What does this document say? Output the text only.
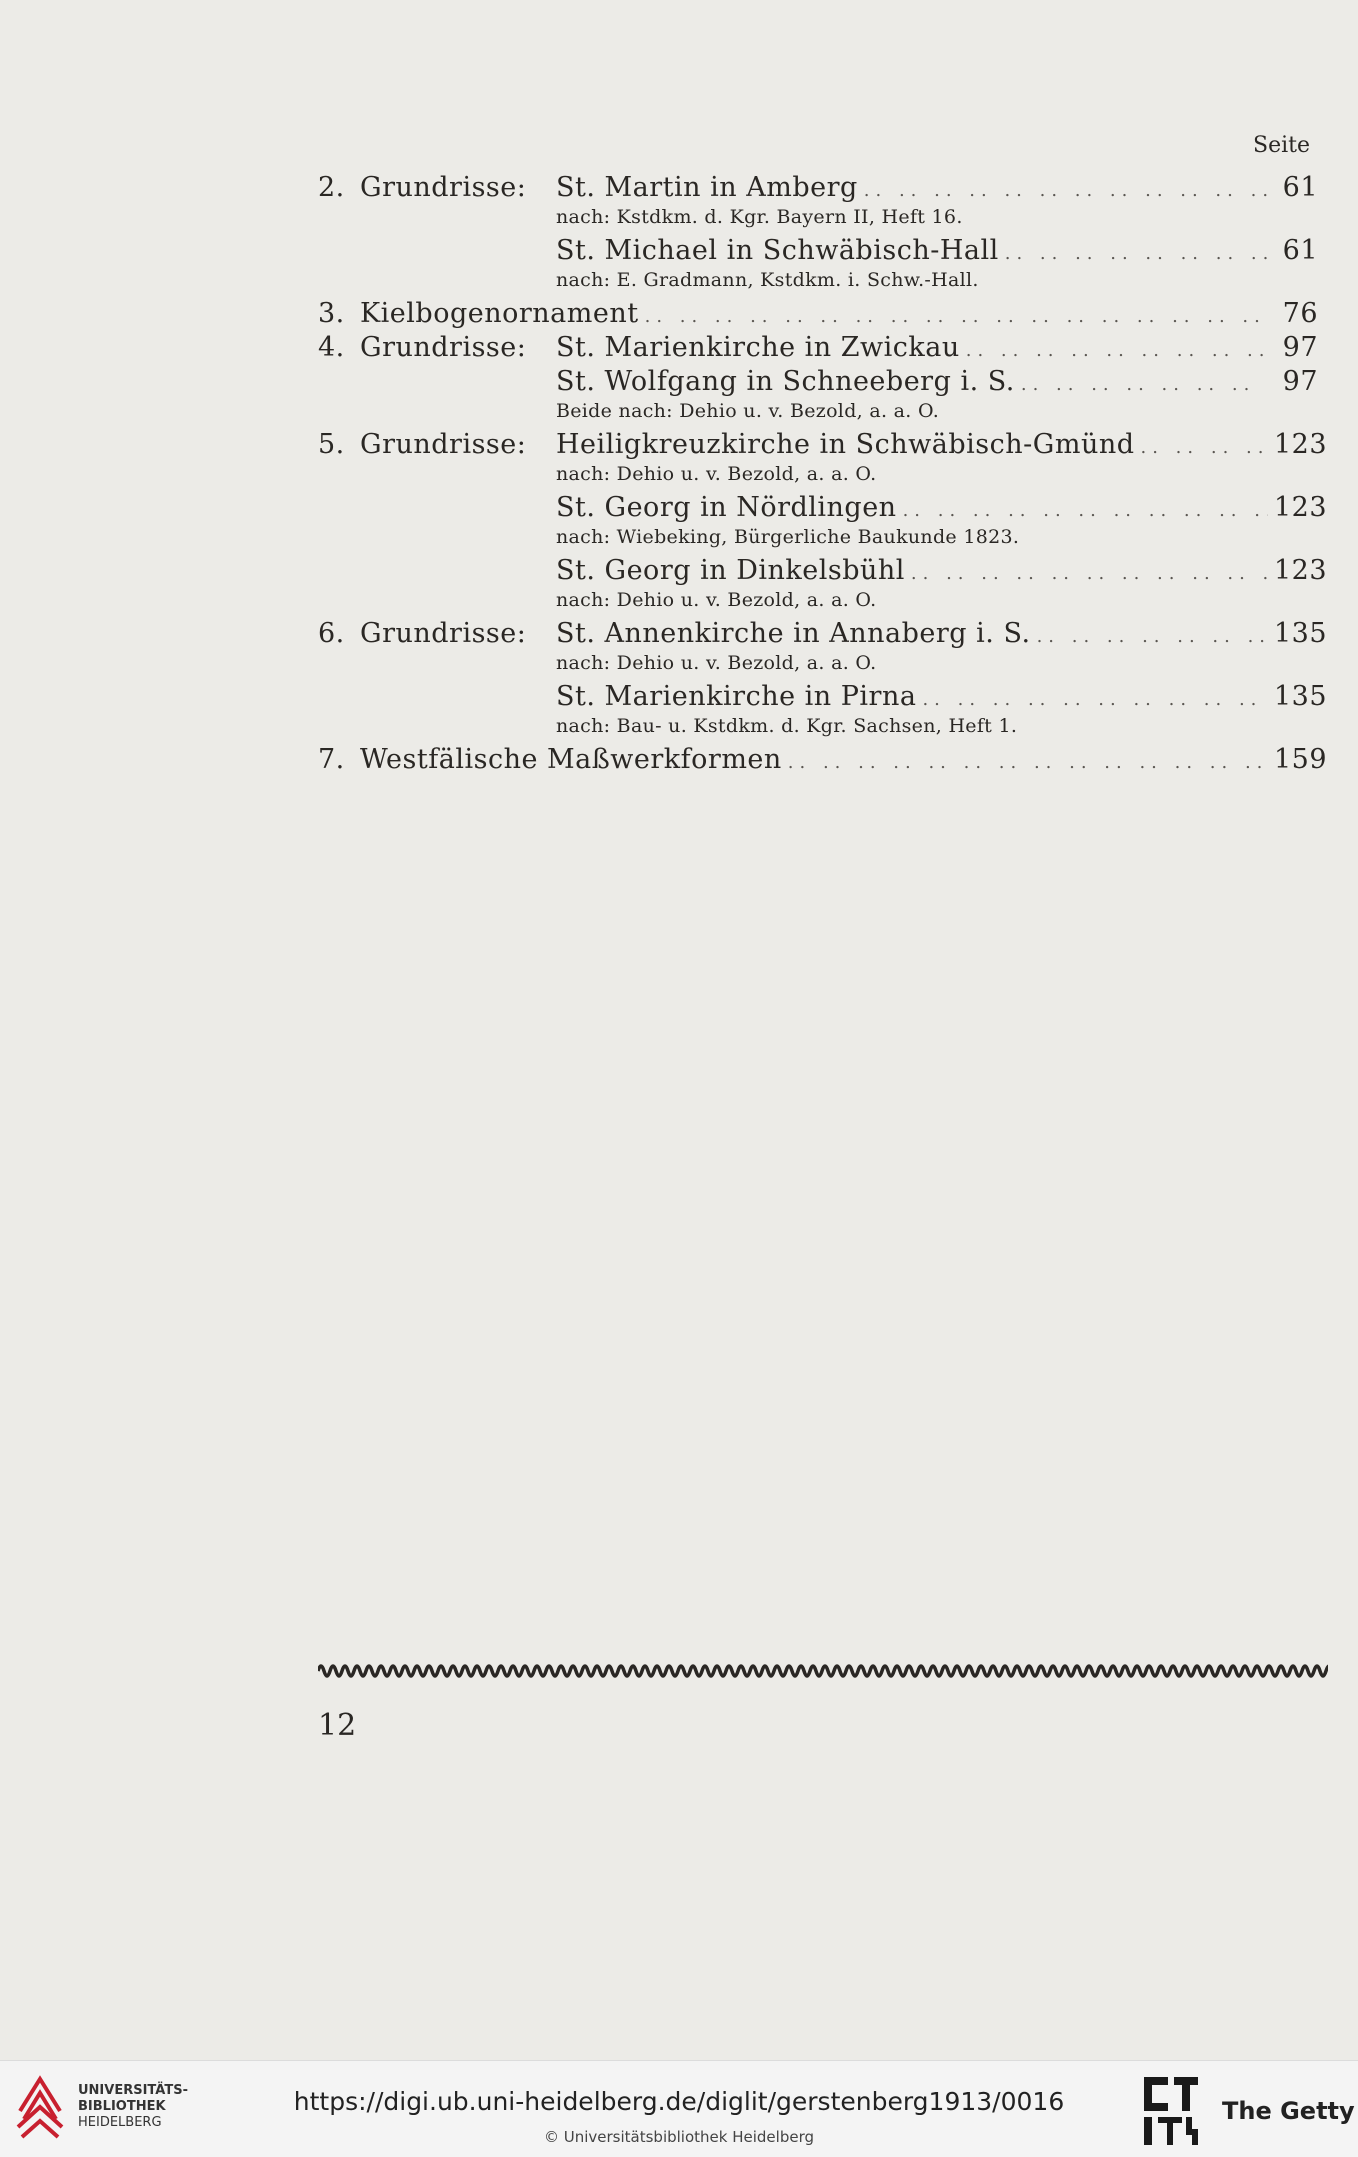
Seite
2. Grundrisse:	St. Martin in Amberg .. ..	61
nach: Kstdkm. d. Kgr. Bayern II, Heft 16.
St. Michael in Schwäbisch-Hall .. ..	61
nach: E. Gradmann, Kstdkm. i. Schw.-Hall.
3. Kielbogenornament .. ..	76
4. Grundrisse:	St. Marienkirche in Zwickau .. ..	97
St. Wolfgang in Schneeberg i. S. .. ..	97
Beide nach: Dehio u. v. Bezold, a. a. O.
5. Grundrisse:	Heiligkreuzkirche in Schwäbisch-Gmünd .. ..	123
nach: Dehio u. v. Bezold, a. a. O.
St. Georg in Nördlingen .. ..	123
nach: Wiebeking, Bürgerliche Baukunde 1823.
St. Georg in Dinkelsbühl .. ..	123
nach: Dehio u. v. Bezold, a. a. O.
6. Grundrisse:	St. Annenkirche in Annaberg i. S. .. ..	135
nach: Dehio u. v. Bezold, a. a. O.
St. Marienkirche in Pirna .. ..	135
nach: Bau- u. Kstdkm. d. Kgr. Sachsen, Heft 1.
7. Westfälische Maßwerkformen .. ..	159
12
UNIVERSITÄTS-
BIBLIOTHEK
HEIDELBERG
https://digi.ub.uni-heidelberg.de/diglit/gerstenberg1913/0016
© Universitätsbibliothek Heidelberg
The Getty
